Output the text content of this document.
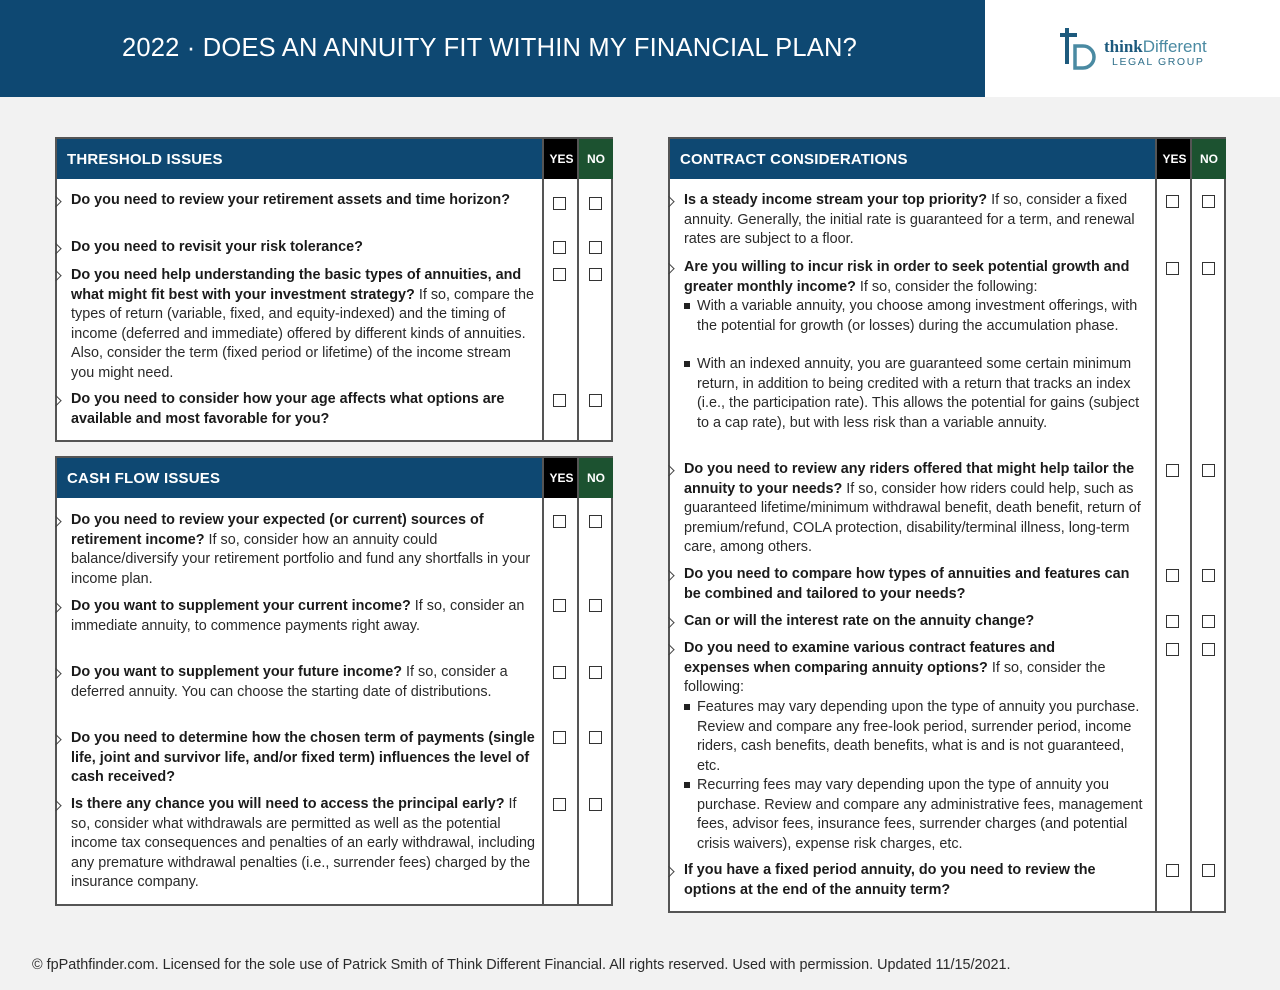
2022 · DOES AN ANNUITY FIT WITHIN MY FINANCIAL PLAN?	thinkDifferent
LEGAL GROUP
THRESHOLD ISSUES	YES	NO
Do you need to review your retirement assets and time horizon?
Do you need to revisit your risk tolerance?
Do you need help understanding the basic types of annuities, and what might fit best with your investment strategy? If so, compare the types of return (variable, fixed, and equity-indexed) and the timing of income (deferred and immediate) offered by different kinds of annuities. Also, consider the term (fixed period or lifetime) of the income stream you might need.
Do you need to consider how your age affects what options are available and most favorable for you?
CASH FLOW ISSUES	YES	NO
Do you need to review your expected (or current) sources of retirement income? If so, consider how an annuity could balance/diversify your retirement portfolio and fund any shortfalls in your income plan.
Do you want to supplement your current income? If so, consider an immediate annuity, to commence payments right away.
Do you want to supplement your future income? If so, consider a deferred annuity. You can choose the starting date of distributions.
Do you need to determine how the chosen term of payments (single life, joint and survivor life, and/or fixed term) influences the level of cash received?
Is there any chance you will need to access the principal early? If so, consider what withdrawals are permitted as well as the potential income tax consequences and penalties of an early withdrawal, including any premature withdrawal penalties (i.e., surrender fees) charged by the insurance company.
CONTRACT CONSIDERATIONS	YES	NO
Is a steady income stream your top priority? If so, consider a fixed annuity. Generally, the initial rate is guaranteed for a term, and renewal rates are subject to a floor.
Are you willing to incur risk in order to seek potential growth and greater monthly income? If so, consider the following:
With a variable annuity, you choose among investment offerings, with the potential for growth (or losses) during the accumulation phase.
With an indexed annuity, you are guaranteed some certain minimum return, in addition to being credited with a return that tracks an index (i.e., the participation rate). This allows the potential for gains (subject to a cap rate), but with less risk than a variable annuity.
Do you need to review any riders offered that might help tailor the annuity to your needs? If so, consider how riders could help, such as guaranteed lifetime/minimum withdrawal benefit, death benefit, return of premium/refund, COLA protection, disability/terminal illness, long-term care, among others.
Do you need to compare how types of annuities and features can be combined and tailored to your needs?
Can or will the interest rate on the annuity change?
Do you need to examine various contract features and expenses when comparing annuity options? If so, consider the following:
Features may vary depending upon the type of annuity you purchase. Review and compare any free-look period, surrender period, income riders, cash benefits, death benefits, what is and is not guaranteed, etc.
Recurring fees may vary depending upon the type of annuity you purchase. Review and compare any administrative fees, management fees, advisor fees, insurance fees, surrender charges (and potential crisis waivers), expense risk charges, etc.
If you have a fixed period annuity, do you need to review the options at the end of the annuity term?
© fpPathfinder.com. Licensed for the sole use of Patrick Smith of Think Different Financial. All rights reserved. Used with permission. Updated 11/15/2021.
